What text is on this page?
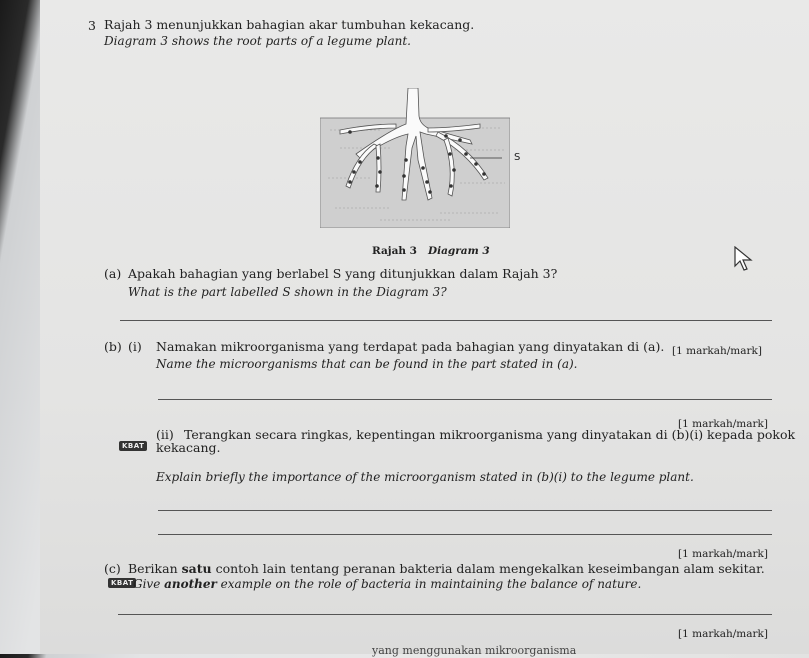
3 Rajah 3 menunjukkan bahagian akar tumbuhan kekacang.
Diagram 3 shows the root parts of a legume plant.
S
Rajah 3 Diagram 3
(a) Apakah bahagian yang berlabel S yang ditunjukkan dalam Rajah 3?
What is the part labelled S shown in the Diagram 3?
[1 markah/mark]
(b) (i) Namakan mikroorganisma yang terdapat pada bahagian yang dinyatakan di (a).
Name the microorganisms that can be found in the part stated in (a).
[1 markah/mark]
(ii) Terangkan secara ringkas, kepentingan mikroorganisma yang dinyatakan di (b)(i) kepada pokok
KBAT kekacang.
Explain briefly the importance of the microorganism stated in (b)(i) to the legume plant.
[1 markah/mark]
(c) Berikan satu contoh lain tentang peranan bakteria dalam mengekalkan keseimbangan alam sekitar.
KBAT Give another example on the role of bacteria in maintaining the balance of nature.
[1 markah/mark]
yang menggunakan mikroorganisma
